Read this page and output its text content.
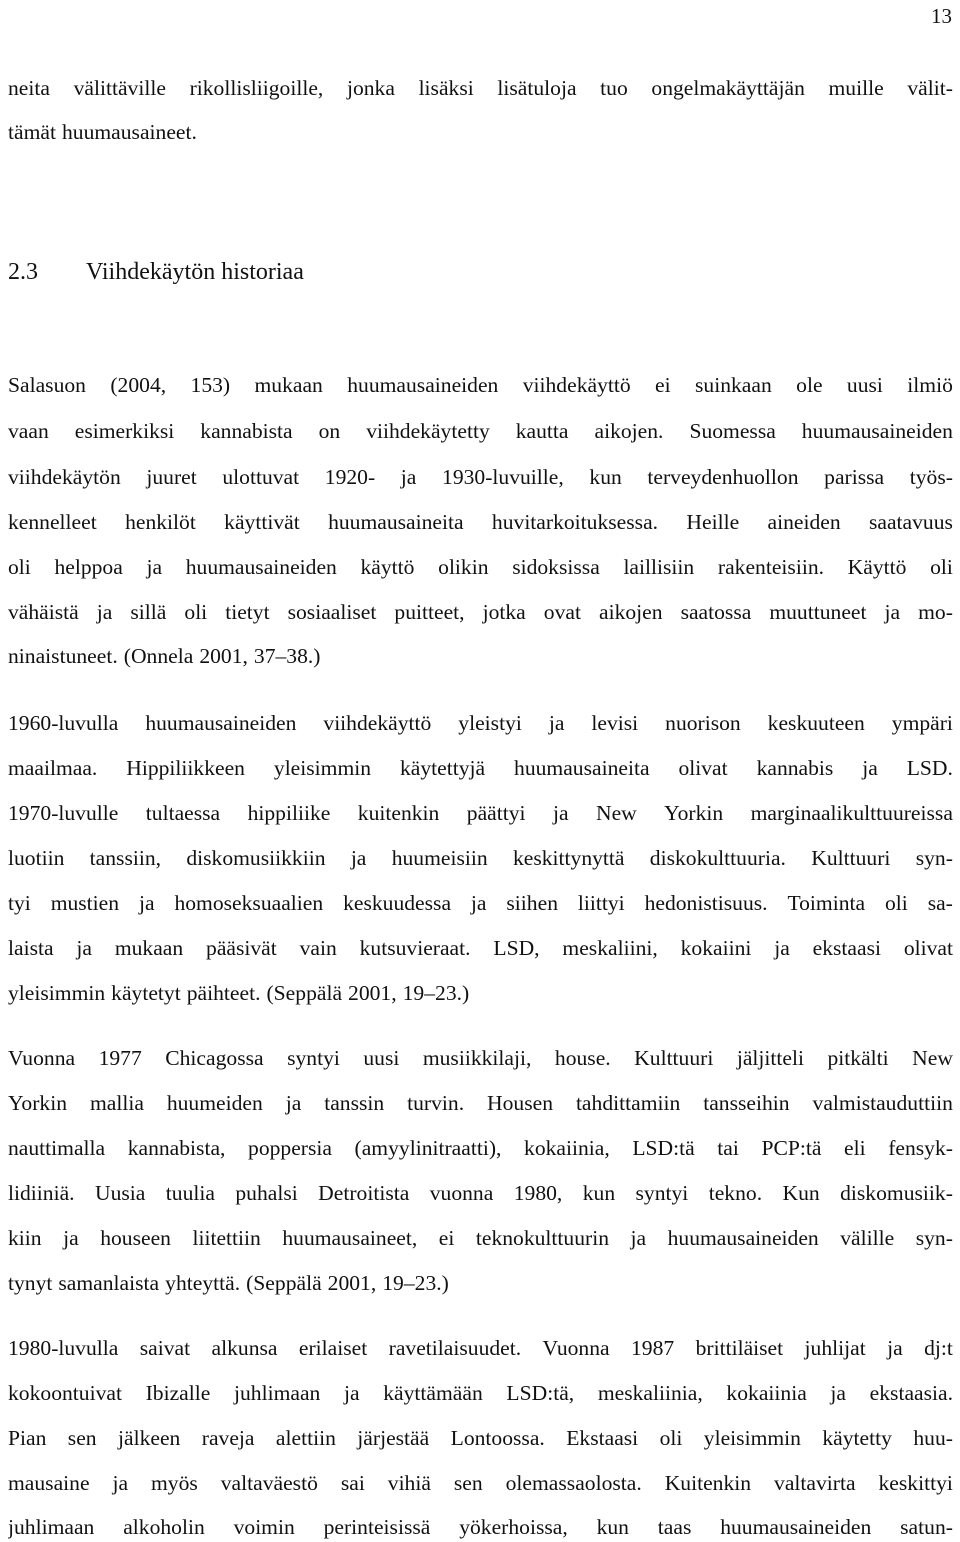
13
neita välittäville rikollisliigoille, jonka lisäksi lisätuloja tuo ongelmakäyttäjän muille välit-
tämät huumausaineet.
2.3 Viihdekäytön historiaa
Salasuon (2004, 153) mukaan huumausaineiden viihdekäyttö ei suinkaan ole uusi ilmiö
vaan esimerkiksi kannabista on viihdekäytetty kautta aikojen. Suomessa huumausaineiden
viihdekäytön juuret ulottuvat 1920- ja 1930-luvuille, kun terveydenhuollon parissa työs-
kennelleet henkilöt käyttivät huumausaineita huvitarkoituksessa. Heille aineiden saatavuus
oli helppoa ja huumausaineiden käyttö olikin sidoksissa laillisiin rakenteisiin. Käyttö oli
vähäistä ja sillä oli tietyt sosiaaliset puitteet, jotka ovat aikojen saatossa muuttuneet ja mo-
ninaistuneet. (Onnela 2001, 37–38.)
1960-luvulla huumausaineiden viihdekäyttö yleistyi ja levisi nuorison keskuuteen ympäri
maailmaa. Hippiliikkeen yleisimmin käytettyjä huumausaineita olivat kannabis ja LSD.
1970-luvulle tultaessa hippiliike kuitenkin päättyi ja New Yorkin marginaalikulttuureissa
luotiin tanssiin, diskomusiikkiin ja huumeisiin keskittynyttä diskokulttuuria. Kulttuuri syn-
tyi mustien ja homoseksuaalien keskuudessa ja siihen liittyi hedonistisuus. Toiminta oli sa-
laista ja mukaan pääsivät vain kutsuvieraat. LSD, meskaliini, kokaiini ja ekstaasi olivat
yleisimmin käytetyt päihteet. (Seppälä 2001, 19–23.)
Vuonna 1977 Chicagossa syntyi uusi musiikkilaji, house. Kulttuuri jäljitteli pitkälti New
Yorkin mallia huumeiden ja tanssin turvin. Housen tahdittamiin tansseihin valmistauduttiin
nauttimalla kannabista, poppersia (amyylinitraatti), kokaiinia, LSD:tä tai PCP:tä eli fensyk-
lidiiniä. Uusia tuulia puhalsi Detroitista vuonna 1980, kun syntyi tekno. Kun diskomusiik-
kiin ja houseen liitettiin huumausaineet, ei teknokulttuurin ja huumausaineiden välille syn-
tynyt samanlaista yhteyttä. (Seppälä 2001, 19–23.)
1980-luvulla saivat alkunsa erilaiset ravetilaisuudet. Vuonna 1987 brittiläiset juhlijat ja dj:t
kokoontuivat Ibizalle juhlimaan ja käyttämään LSD:tä, meskaliinia, kokaiinia ja ekstaasia.
Pian sen jälkeen raveja alettiin järjestää Lontoossa. Ekstaasi oli yleisimmin käytetty huu-
mausaine ja myös valtaväestö sai vihiä sen olemassaolosta. Kuitenkin valtavirta keskittyi
juhlimaan alkoholin voimin perinteisissä yökerhoissa, kun taas huumausaineiden satun-
